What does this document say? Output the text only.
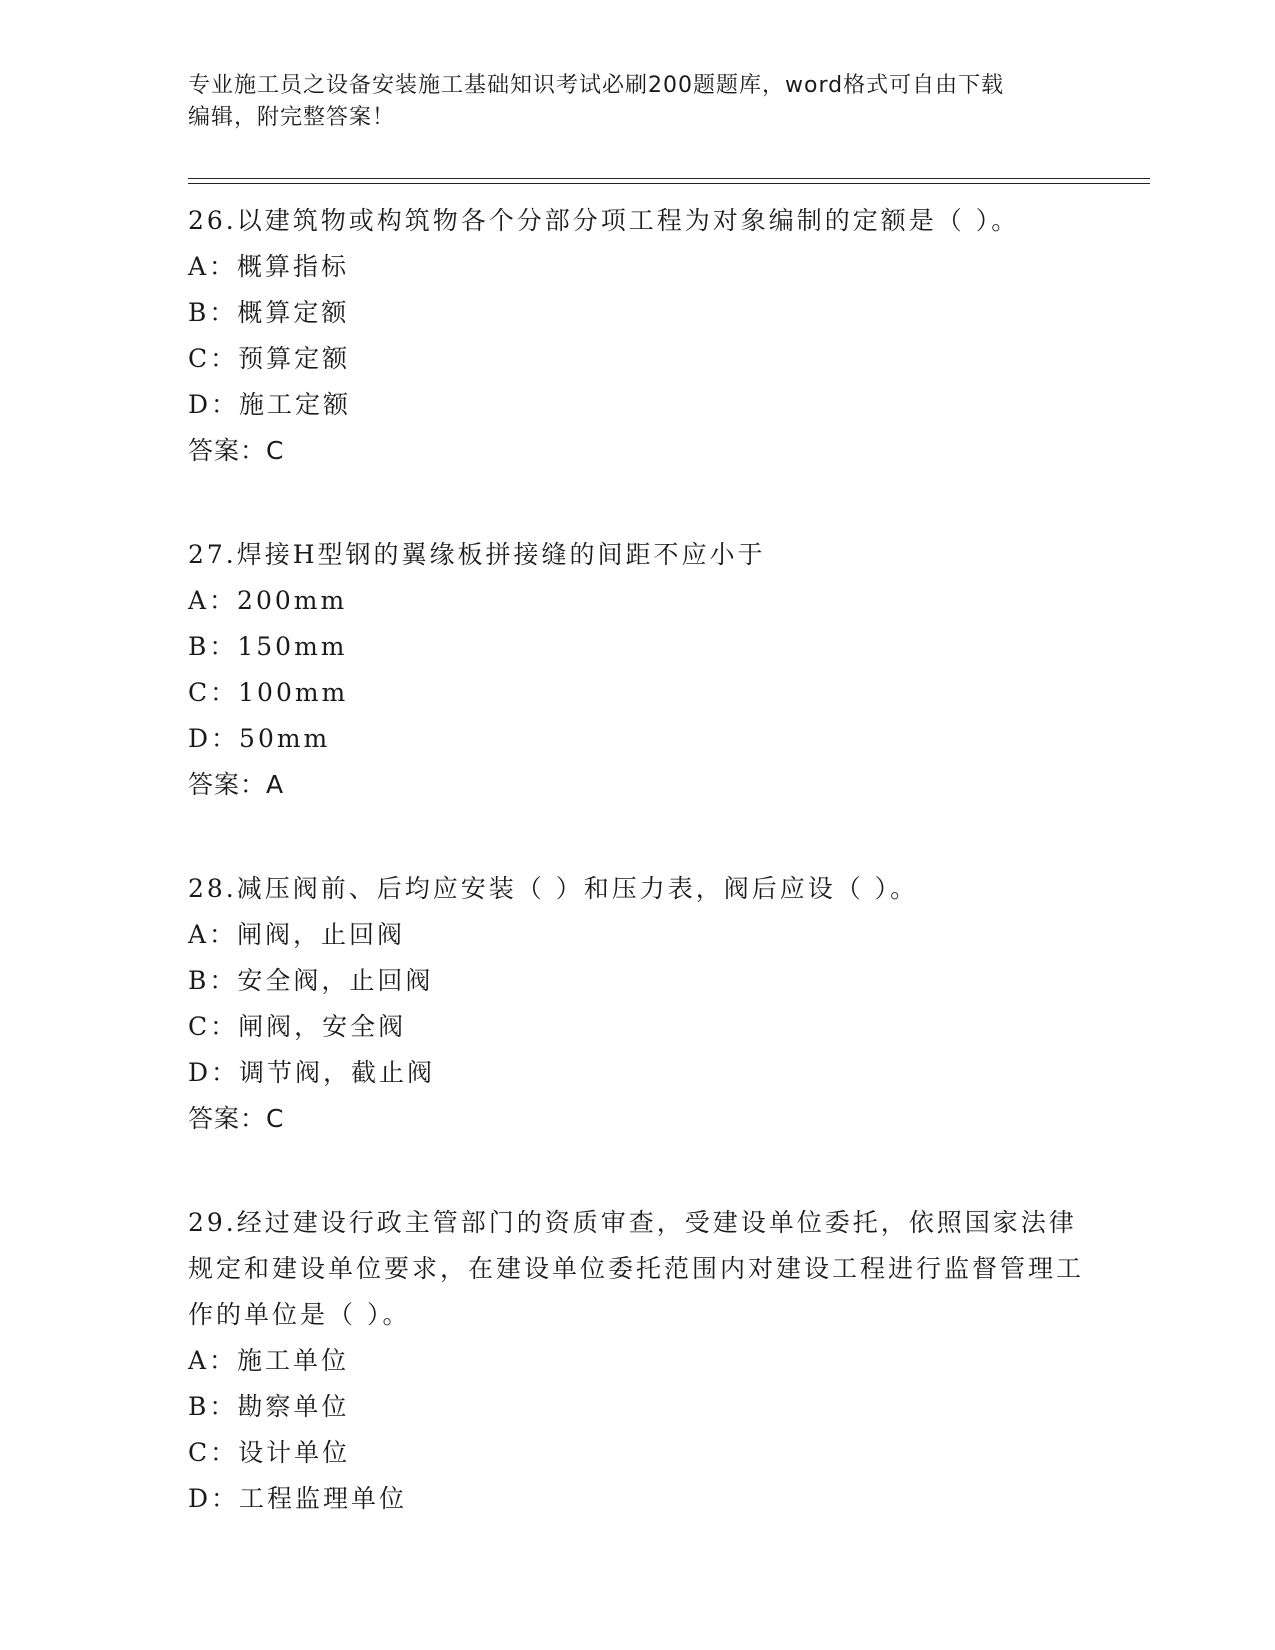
专业施工员之设备安装施工基础知识考试必刷200题题库，word格式可自由下载
编辑，附完整答案！

26.以建筑物或构筑物各个分部分项工程为对象编制的定额是（ ）。

A：概算指标

B：概算定额

C：预算定额

D：施工定额

答案：C

27.焊接H型钢的翼缘板拼接缝的间距不应小于

A：200mm

B：150mm

C：100mm

D：50mm

答案：A

28.减压阀前、后均应安装（ ）和压力表，阀后应设（ ）。

A：闸阀，止回阀

B：安全阀，止回阀

C：闸阀，安全阀

D：调节阀，截止阀

答案：C

29.经过建设行政主管部门的资质审查，受建设单位委托，依照国家法律规定和建设单位要求，在建设单位委托范围内对建设工程进行监督管理工作的单位是（ ）。

A：施工单位

B：勘察单位

C：设计单位

D：工程监理单位
